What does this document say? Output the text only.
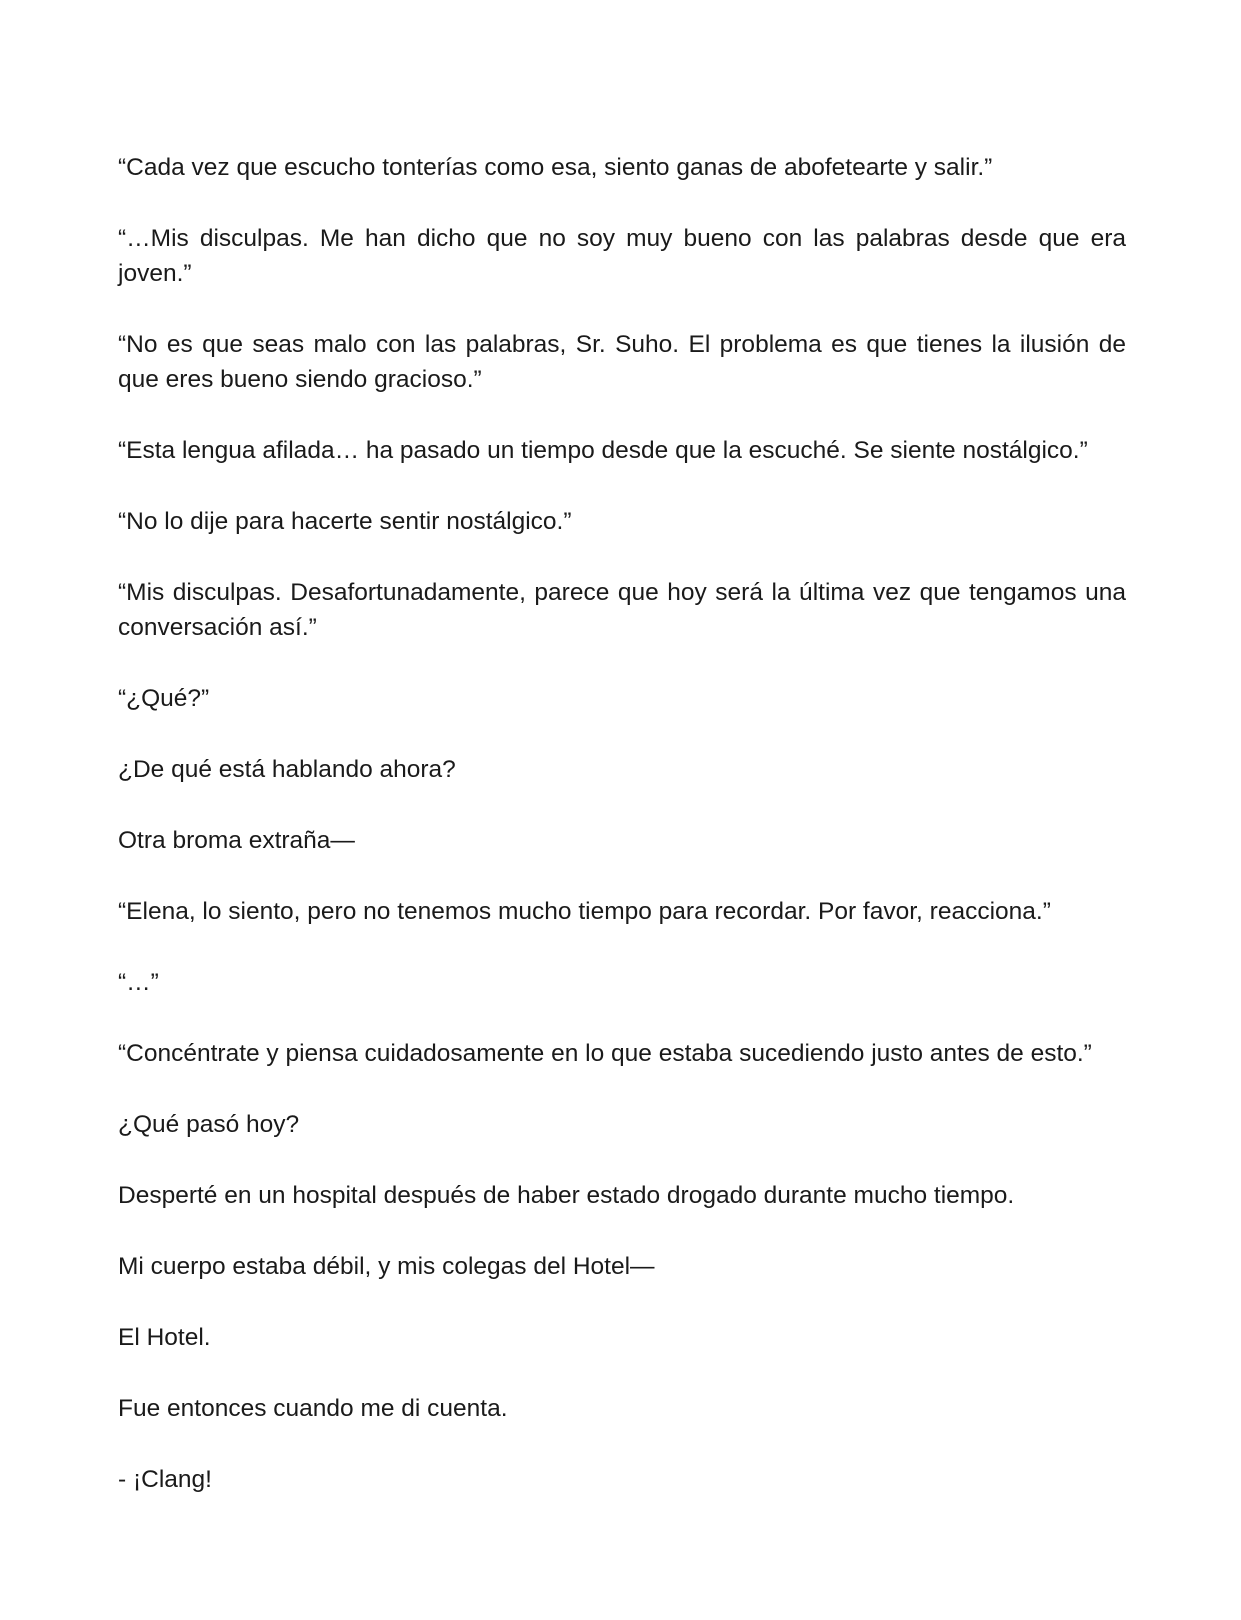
“Cada vez que escucho tonterías como esa, siento ganas de abofetearte y salir.”

“…Mis disculpas. Me han dicho que no soy muy bueno con las palabras desde que era joven.”

“No es que seas malo con las palabras, Sr. Suho. El problema es que tienes la ilusión de que eres bueno siendo gracioso.”

“Esta lengua afilada… ha pasado un tiempo desde que la escuché. Se siente nostálgico.”

“No lo dije para hacerte sentir nostálgico.”

“Mis disculpas. Desafortunadamente, parece que hoy será la última vez que tengamos una conversación así.”

“¿Qué?”

¿De qué está hablando ahora?

Otra broma extraña—

“Elena, lo siento, pero no tenemos mucho tiempo para recordar. Por favor, reacciona.”

“…”

“Concéntrate y piensa cuidadosamente en lo que estaba sucediendo justo antes de esto.”

¿Qué pasó hoy?

Desperté en un hospital después de haber estado drogado durante mucho tiempo.

Mi cuerpo estaba débil, y mis colegas del Hotel—

El Hotel.

Fue entonces cuando me di cuenta.

- ¡Clang!
